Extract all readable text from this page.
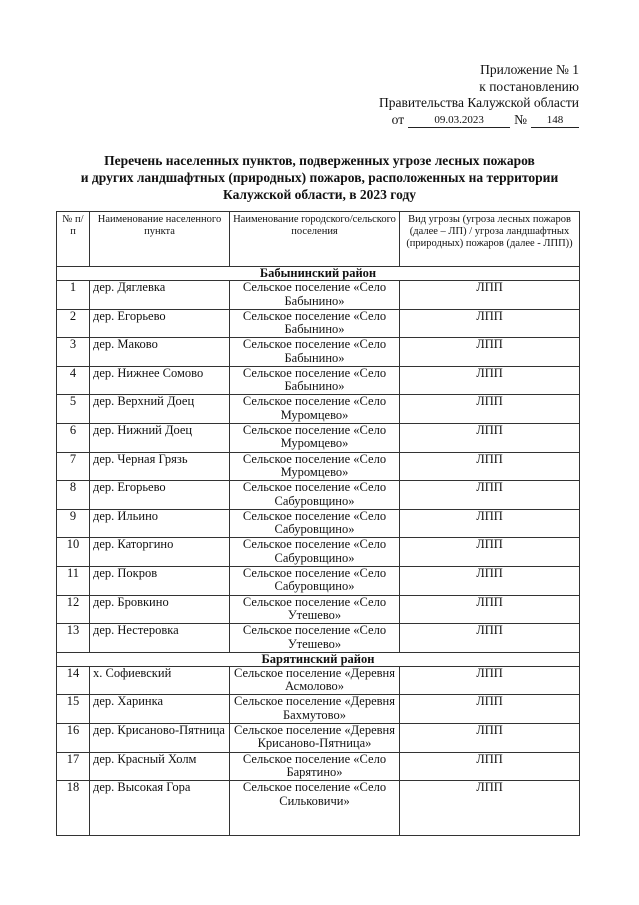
Приложение № 1
к постановлению
Правительства Калужской области
от	09.03.2023	№	148
Перечень населенных пунктов, подверженных угрозе лесных пожаров
и других ландшафтных (природных) пожаров, расположенных на территории
Калужской области, в 2023 году
№ п/п	Наименование населенного пункта	Наименование городского/сельского поселения	Вид угрозы (угроза лесных пожаров (далее – ЛП) / угроза ландшафтных (природных) пожаров (далее - ЛПП))
Бабынинский район			
1	дер. Дяглевка	Сельское поселение «Село Бабынино»	ЛПП
2	дер. Егорьево	Сельское поселение «Село Бабынино»	ЛПП
3	дер. Маково	Сельское поселение «Село Бабынино»	ЛПП
4	дер. Нижнее Сомово	Сельское поселение «Село Бабынино»	ЛПП
5	дер. Верхний Доец	Сельское поселение «Село Муромцево»	ЛПП
6	дер. Нижний Доец	Сельское поселение «Село Муромцево»	ЛПП
7	дер. Черная Грязь	Сельское поселение «Село Муромцево»	ЛПП
8	дер. Егорьево	Сельское поселение «Село Сабуровщино»	ЛПП
9	дер. Ильино	Сельское поселение «Село Сабуровщино»	ЛПП
10	дер. Каторгино	Сельское поселение «Село Сабуровщино»	ЛПП
11	дер. Покров	Сельское поселение «Село Сабуровщино»	ЛПП
12	дер. Бровкино	Сельское поселение «Село Утешево»	ЛПП
13	дер. Нестеровка	Сельское поселение «Село Утешево»	ЛПП
Барятинский район			
14	х. Софиевский	Сельское поселение «Деревня Асмолово»	ЛПП
15	дер. Харинка	Сельское поселение «Деревня Бахмутово»	ЛПП
16	дер. Крисаново-Пятница	Сельское поселение «Деревня Крисаново-Пятница»	ЛПП
17	дер. Красный Холм	Сельское поселение «Село Барятино»	ЛПП
18	дер. Высокая Гора	Сельское поселение «Село Сильковичи»	ЛПП
